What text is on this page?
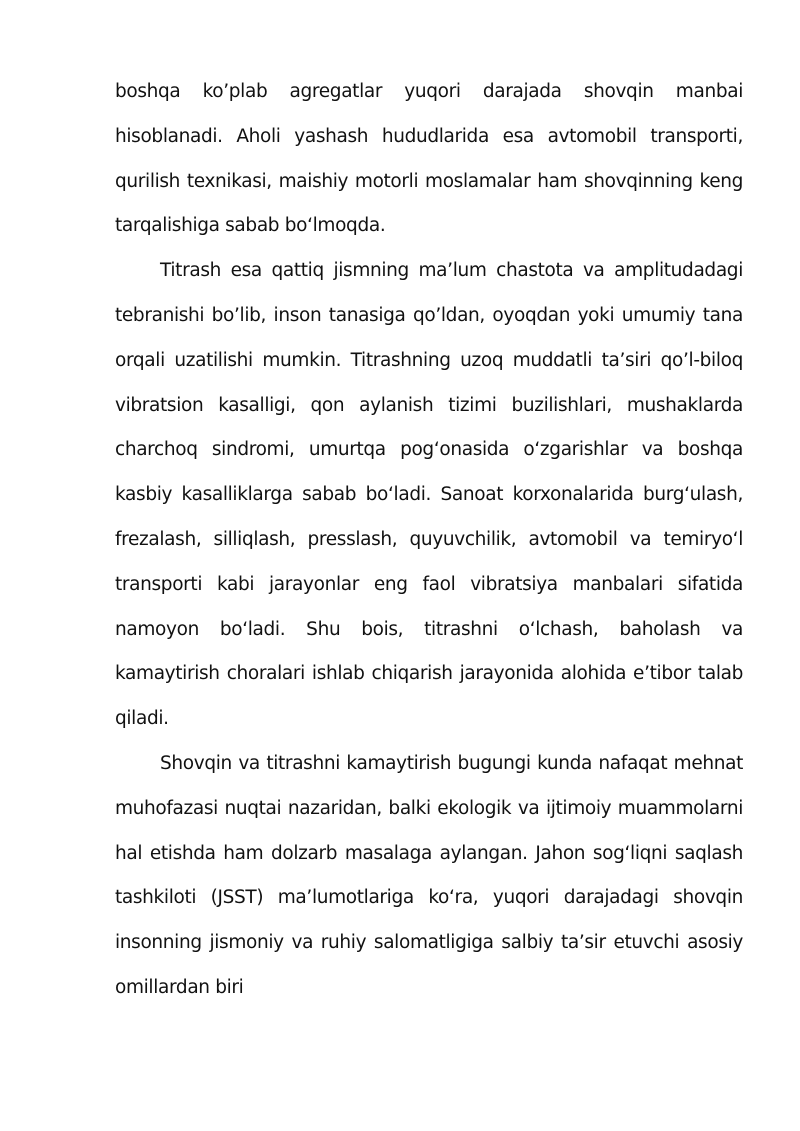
boshqa ko’plab agregatlar yuqori darajada shovqin manbai hisoblanadi. Aholi yashash hududlarida esa avtomobil transporti, qurilish texnikasi, maishiy motorli moslamalar ham shovqinning keng tarqalishiga sabab bo‘lmoqda.

Titrash esa qattiq jismning ma’lum chastota va amplitudadagi tebranishi bo’lib, inson tanasiga qo’ldan, oyoqdan yoki umumiy tana orqali uzatilishi mumkin. Titrashning uzoq muddatli ta’siri qo’l-biloq vibratsion kasalligi, qon aylanish tizimi buzilishlari, mushaklarda charchoq sindromi, umurtqa pog‘onasida o‘zgarishlar va boshqa kasbiy kasalliklarga sabab bo‘ladi. Sanoat korxonalarida burg‘ulash, frezalash, silliqlash, presslash, quyuvchilik, avtomobil va temiryo‘l transporti kabi jarayonlar eng faol vibratsiya manbalari sifatida namoyon bo‘ladi. Shu bois, titrashni o‘lchash, baholash va kamaytirish choralari ishlab chiqarish jarayonida alohida e’tibor talab qiladi.

Shovqin va titrashni kamaytirish bugungi kunda nafaqat mehnat muhofazasi nuqtai nazaridan, balki ekologik va ijtimoiy muammolarni hal etishda ham dolzarb masalaga aylangan. Jahon sog‘liqni saqlash tashkiloti (JSST) ma’lumotlariga ko‘ra, yuqori darajadagi shovqin insonning jismoniy va ruhiy salomatligiga salbiy ta’sir etuvchi asosiy omillardan biri
